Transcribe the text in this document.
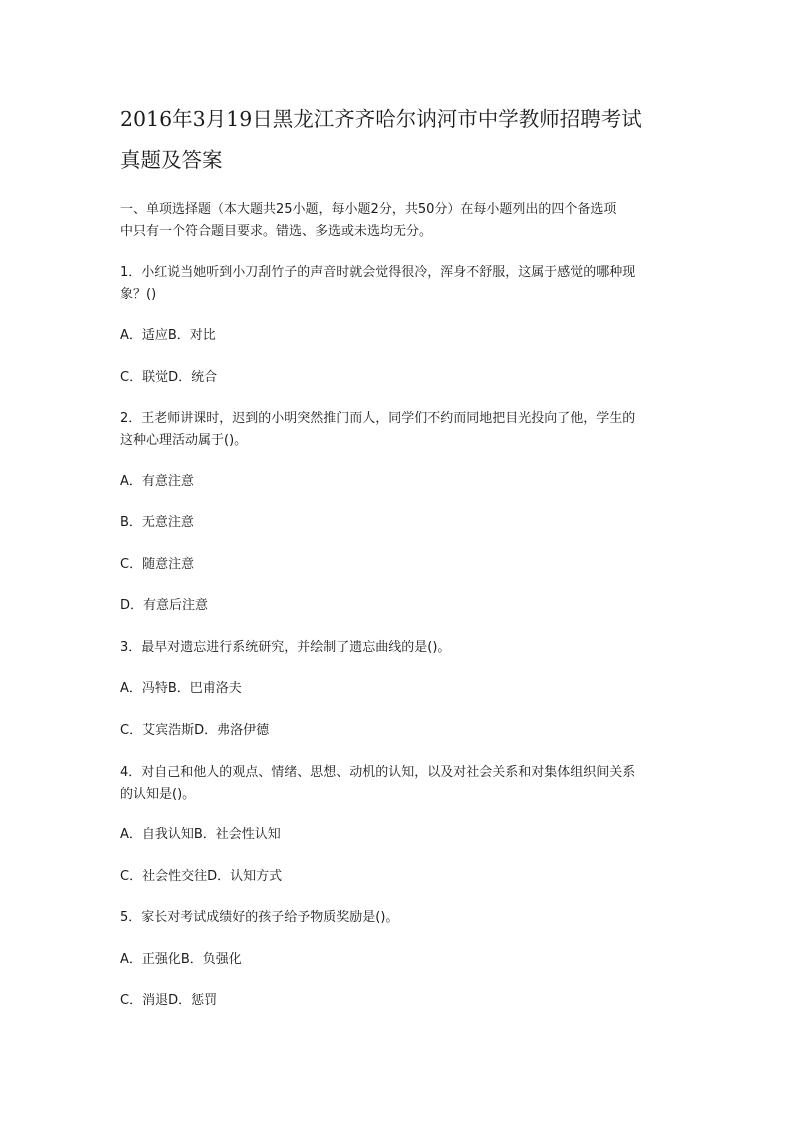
2016年3月19日黑龙江齐齐哈尔讷河市中学教师招聘考试
真题及答案
一、单项选择题（本大题共25小题，每小题2分，共50分）在每小题列出的四个备选项
中只有一个符合题目要求。错选、多选或未选均无分。
1．小红说当她听到小刀刮竹子的声音时就会觉得很冷，浑身不舒服，这属于感觉的哪种现
象？()
A．适应B．对比
C．联觉D．统合
2．王老师讲课时，迟到的小明突然推门而人，同学们不约而同地把目光投向了他，学生的
这种心理活动属于()。
A．有意注意
B．无意注意
C．随意注意
D．有意后注意
3．最早对遗忘进行系统研究，并绘制了遗忘曲线的是()。
A．冯特B．巴甫洛夫
C．艾宾浩斯D．弗洛伊德
4．对自己和他人的观点、情绪、思想、动机的认知，以及对社会关系和对集体组织间关系
的认知是()。
A．自我认知B．社会性认知
C．社会性交往D．认知方式
5．家长对考试成绩好的孩子给予物质奖励是()。
A．正强化B．负强化
C．消退D．惩罚
